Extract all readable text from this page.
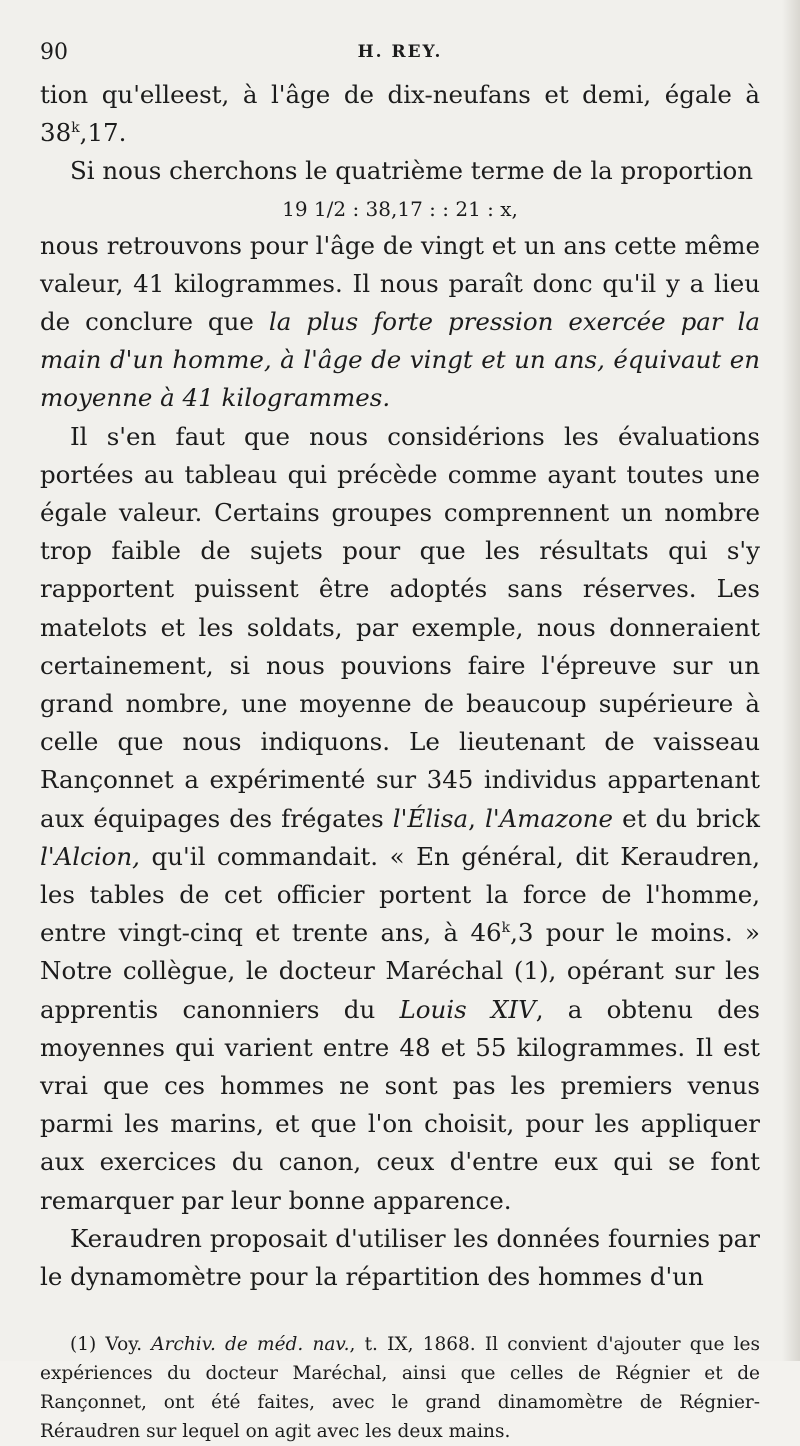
90	H. REY.

tion qu'elleest, à l'âge de dix-neufans et demi, égale à 38$^k$,17.

Si nous cherchons le quatrième terme de la proportion

19 1/2 : 38,17 : : 21 : x,

nous retrouvons pour l'âge de vingt et un ans cette même valeur, 41 kilogrammes. Il nous paraît donc qu'il y a lieu de conclure que la plus forte pression exercée par la main d'un homme, à l'âge de vingt et un ans, équivaut en moyenne à 41 kilogrammes.

Il s'en faut que nous considérions les évaluations portées au tableau qui précède comme ayant toutes une égale valeur. Certains groupes comprennent un nombre trop faible de sujets pour que les résultats qui s'y rapportent puissent être adoptés sans réserves. Les matelots et les soldats, par exemple, nous donneraient certainement, si nous pouvions faire l'épreuve sur un grand nombre, une moyenne de beaucoup supérieure à celle que nous indiquons. Le lieutenant de vaisseau Rançonnet a expérimenté sur 345 individus appartenant aux équipages des frégates l'Élisa, l'Amazone et du brick l'Alcion, qu'il commandait. « En général, dit Keraudren, les tables de cet officier portent la force de l'homme, entre vingt-cinq et trente ans, à 46$^k$,3 pour le moins. » Notre collègue, le docteur Maréchal (1), opérant sur les apprentis canonniers du Louis XIV, a obtenu des moyennes qui varient entre 48 et 55 kilogrammes. Il est vrai que ces hommes ne sont pas les premiers venus parmi les marins, et que l'on choisit, pour les appliquer aux exercices du canon, ceux d'entre eux qui se font remarquer par leur bonne apparence.

Keraudren proposait d'utiliser les données fournies par le dynamomètre pour la répartition des hommes d'un

(1) Voy. Archiv. de méd. nav., t. IX, 1868. Il convient d'ajouter que les expériences du docteur Maréchal, ainsi que celles de Régnier et de Rançonnet, ont été faites, avec le grand dinamomètre de Régnier-Réraudren sur lequel on agit avec les deux mains.
